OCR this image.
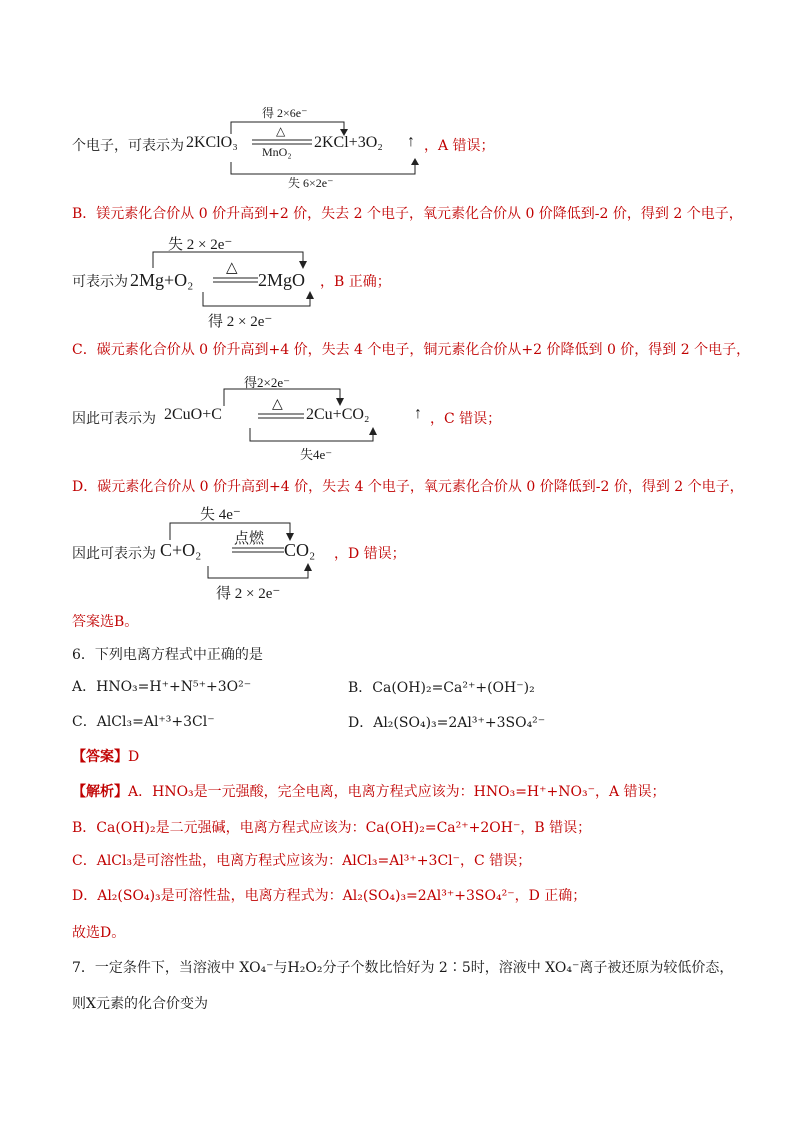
个电子，可表示为
得 2×6e⁻
△
MnO₂
失 6×2e⁻
2KClO₃	2KCl+3O₂ ↑ ，A 错误；
B．镁元素化合价从 0 价升高到+2 价，失去 2 个电子，氧元素化合价从 0 价降低到-2 价，得到 2 个电子，
可表示为
失 2 × 2e⁻
△
得 2 × 2e⁻
2Mg+O₂	2MgO ，B 正确；
C．碳元素化合价从 0 价升高到+4 价，失去 4 个电子，铜元素化合价从+2 价降低到 0 价，得到 2 个电子，
因此可表示为
得2×2e⁻
△
失4e⁻
2CuO+C	2Cu+CO₂	↑ ，C 错误；
D．碳元素化合价从 0 价升高到+4 价，失去 4 个电子，氧元素化合价从 0 价降低到-2 价，得到 2 个电子，
因此可表示为
失 4e⁻
点燃
得 2 × 2e⁻
C+O₂	CO₂ ，D 错误；
答案选B。
6．下列电离方程式中正确的是
A．HNO₃=H⁺+N⁵⁺+3O²⁻	B．Ca(OH)₂=Ca²⁺+(OH⁻)₂
C．AlCl₃=Al⁺³+3Cl⁻	D．Al₂(SO₄)₃=2Al³⁺+3SO₄²⁻
【答案】D
【解析】A．HNO₃是一元强酸，完全电离，电离方程式应该为：HNO₃=H⁺+NO₃⁻，A 错误；
B．Ca(OH)₂是二元强碱，电离方程式应该为：Ca(OH)₂=Ca²⁺+2OH⁻，B 错误；
C．AlCl₃是可溶性盐，电离方程式应该为：AlCl₃=Al³⁺+3Cl⁻，C 错误；
D．Al₂(SO₄)₃是可溶性盐，电离方程式为：Al₂(SO₄)₃=2Al³⁺+3SO₄²⁻，D 正确；
故选D。
7．一定条件下，当溶液中 XO₄⁻与H₂O₂分子个数比恰好为 2∶5时，溶液中 XO₄⁻离子被还原为较低价态，
则X元素的化合价变为
